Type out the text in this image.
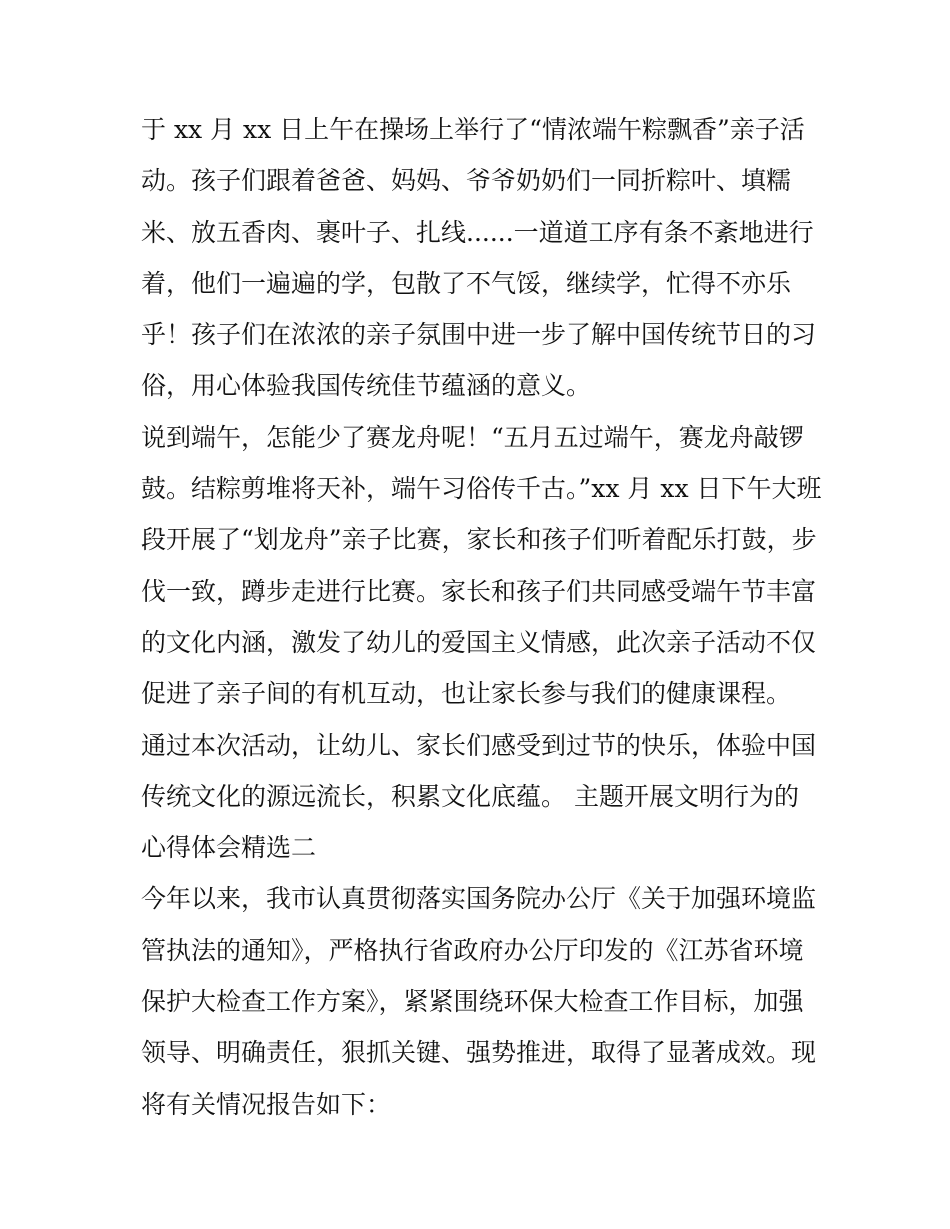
于 xx 月 xx 日上午在操场上举行了“情浓端午粽飘香”亲子活
动。孩子们跟着爸爸、妈妈、爷爷奶奶们一同折粽叶、填糯
米、放五香肉、裹叶子、扎线......一道道工序有条不紊地进行
着，他们一遍遍的学，包散了不气馁，继续学，忙得不亦乐
乎！孩子们在浓浓的亲子氛围中进一步了解中国传统节日的习
俗，用心体验我国传统佳节蕴涵的意义。
说到端午，怎能少了赛龙舟呢！“五月五过端午，赛龙舟敲锣
鼓。结粽剪堆将天补，端午习俗传千古。”xx 月 xx 日下午大班
段开展了“划龙舟”亲子比赛，家长和孩子们听着配乐打鼓，步
伐一致，蹲步走进行比赛。家长和孩子们共同感受端午节丰富
的文化内涵，激发了幼儿的爱国主义情感，此次亲子活动不仅
促进了亲子间的有机互动，也让家长参与我们的健康课程。
通过本次活动，让幼儿、家长们感受到过节的快乐，体验中国
传统文化的源远流长，积累文化底蕴。 主题开展文明行为的
心得体会精选二
今年以来，我市认真贯彻落实国务院办公厅《关于加强环境监
管执法的通知》，严格执行省政府办公厅印发的《江苏省环境
保护大检查工作方案》，紧紧围绕环保大检查工作目标，加强
领导、明确责任，狠抓关键、强势推进，取得了显著成效。现
将有关情况报告如下：
